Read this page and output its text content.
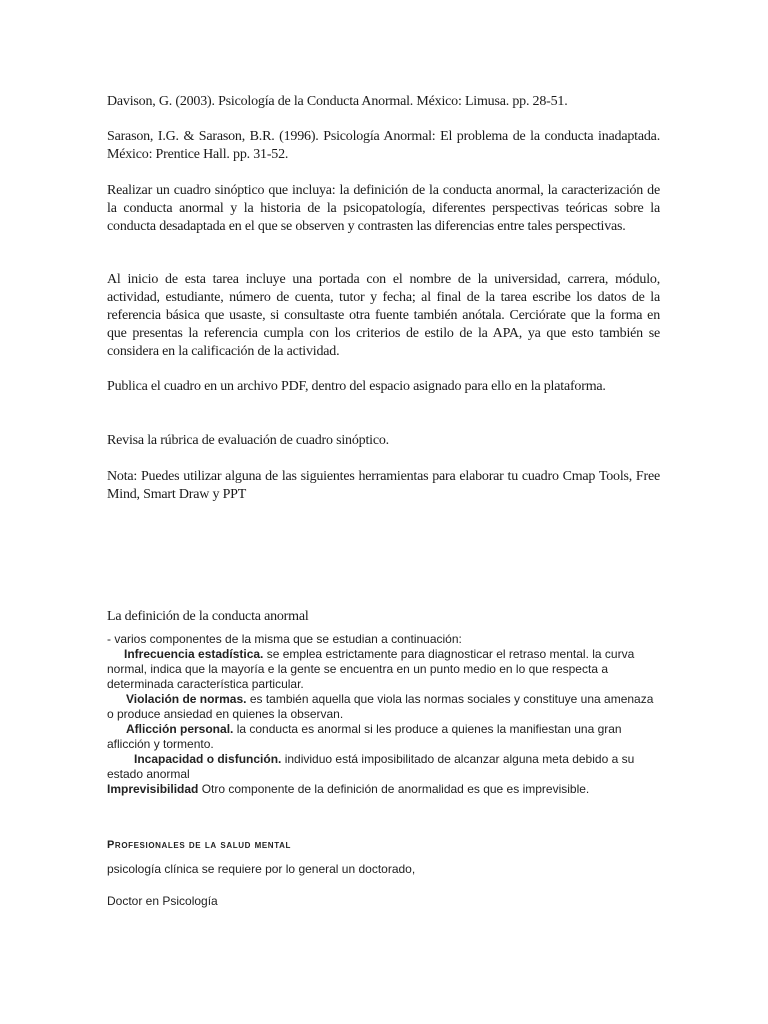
Davison, G. (2003). Psicología de la Conducta Anormal. México: Limusa. pp. 28-51.

Sarason, I.G. & Sarason, B.R. (1996). Psicología Anormal: El problema de la conducta inadaptada. México: Prentice Hall. pp. 31-52.

Realizar un cuadro sinóptico que incluya: la definición de la conducta anormal, la caracterización de la conducta anormal y la historia de la psicopatología, diferentes perspectivas teóricas sobre la conducta desadaptada en el que se observen y contrasten las diferencias entre tales perspectivas.

Al inicio de esta tarea incluye una portada con el nombre de la universidad, carrera, módulo, actividad, estudiante, número de cuenta, tutor y fecha; al final de la tarea escribe los datos de la referencia básica que usaste, si consultaste otra fuente también anótala. Cerciórate que la forma en que presentas la referencia cumpla con los criterios de estilo de la APA, ya que esto también se considera en la calificación de la actividad.

Publica el cuadro en un archivo PDF, dentro del espacio asignado para ello en la plataforma.

Revisa la rúbrica de evaluación de cuadro sinóptico.

Nota: Puedes utilizar alguna de las siguientes herramientas para elaborar tu cuadro Cmap Tools, Free Mind, Smart Draw y PPT

La definición de la conducta anormal

- varios componentes de la misma que se estudian a continuación:

Infrecuencia estadística. se emplea estrictamente para diagnosticar el retraso mental. la curva normal, indica que la mayoría e la gente se encuentra en un punto medio en lo que respecta a determinada característica particular.

Violación de normas. es también aquella que viola las normas sociales y constituye una amenaza o produce ansiedad en quienes la observan.

Aflicción personal. la conducta es anormal si les produce a quienes la manifiestan una gran aflicción y tormento.

Incapacidad o disfunción. individuo está imposibilitado de alcanzar alguna meta debido a su estado anormal

Imprevisibilidad Otro componente de la definición de anormalidad es que es imprevisible.

Profesionales de la salud mental

psicología clínica se requiere por lo general un doctorado,

Doctor en Psicología
